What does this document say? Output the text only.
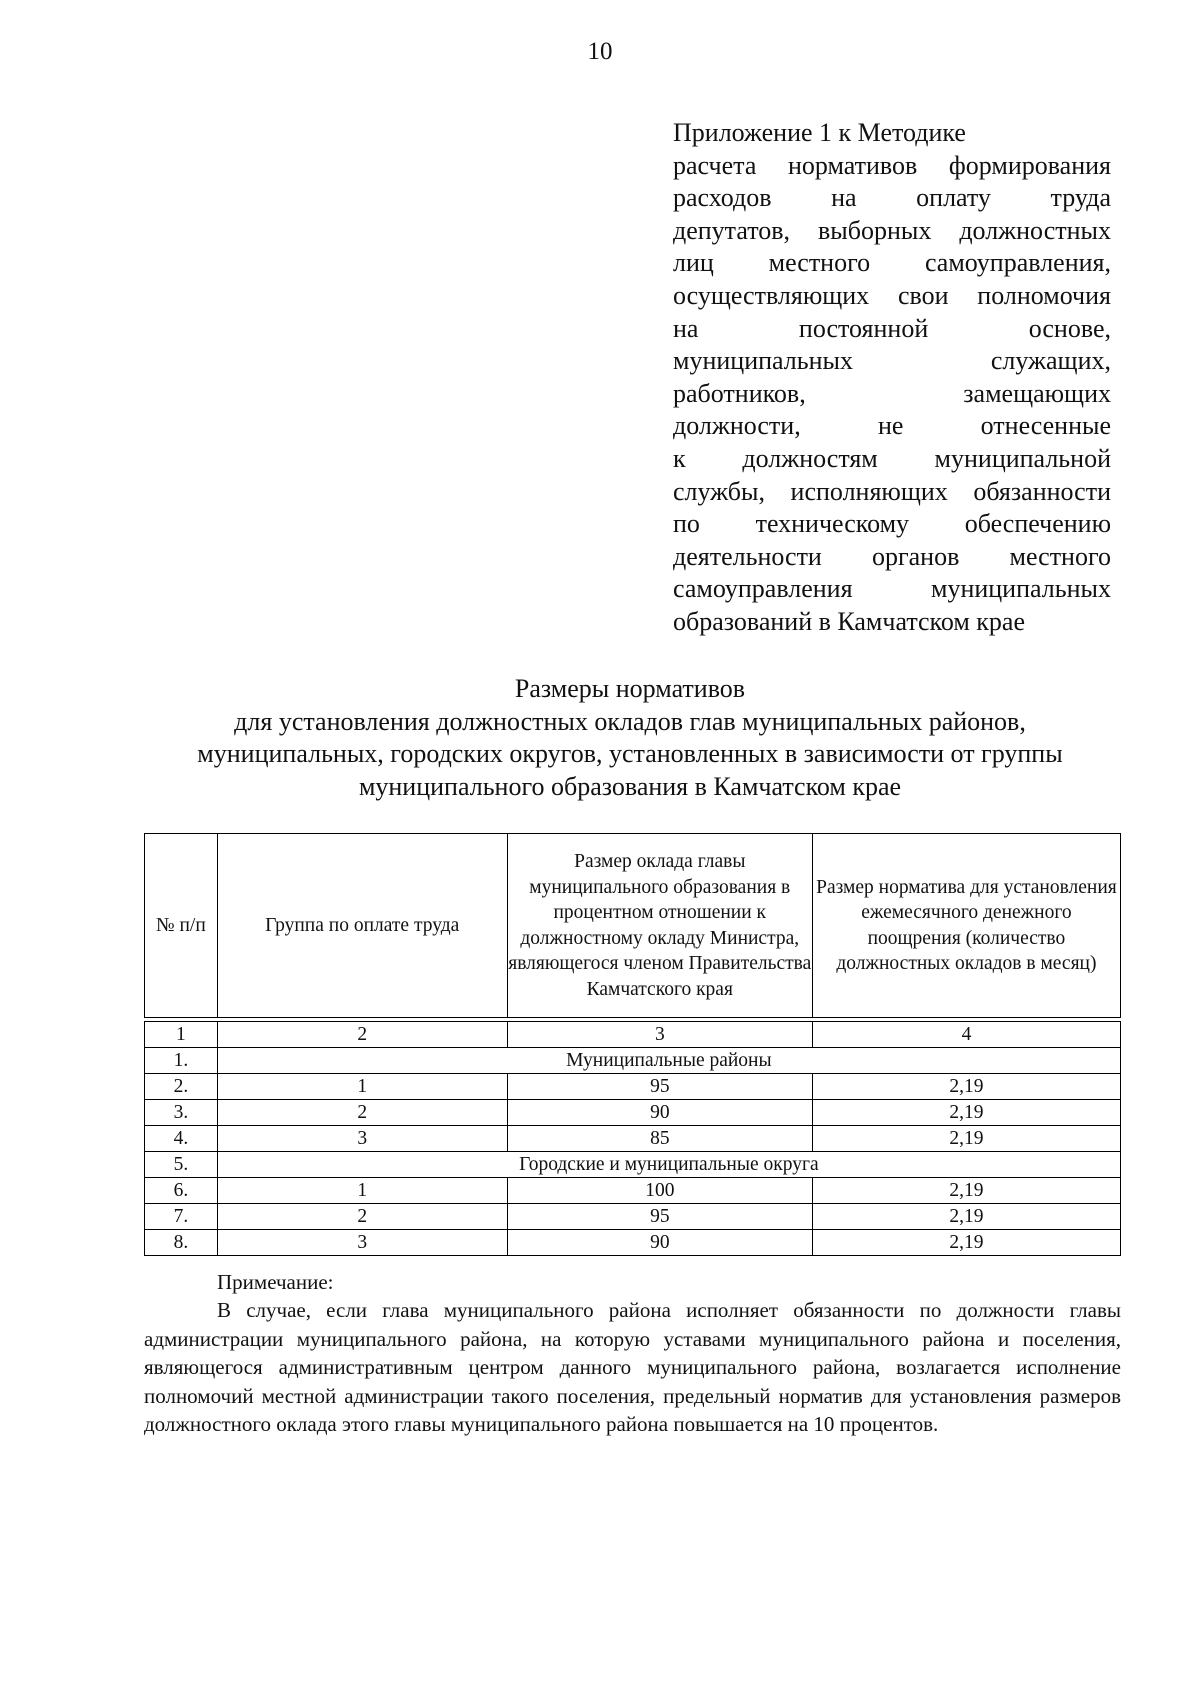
10
Приложение 1 к Методике
расчета нормативов формирования
расходов на оплату труда
депутатов, выборных должностных
лиц местного самоуправления,
осуществляющих свои полномочия
на постоянной основе,
муниципальных служащих,
работников, замещающих
должности, не отнесенные
к должностям муниципальной
службы, исполняющих обязанности
по техническому обеспечению
деятельности органов местного
самоуправления муниципальных
образований в Камчатском крае
Размеры нормативов
для установления должностных окладов глав муниципальных районов,
муниципальных, городских округов, установленных в зависимости от группы
муниципального образования в Камчатском крае
№ п/п	Группа по оплате труда	Размер оклада главы муниципального образования в процентном отношении к должностному окладу Министра, являющегося членом Правительства Камчатского края	Размер норматива для установления ежемесячного денежного поощрения (количество должностных окладов в месяц)
1	2	3	4
1.	Муниципальные районы		
2.	1	95	2,19
3.	2	90	2,19
4.	3	85	2,19
5.	Городские и муниципальные округа		
6.	1	100	2,19
7.	2	95	2,19
8.	3	90	2,19
Примечание:

В случае, если глава муниципального района исполняет обязанности по должности главы администрации муниципального района, на которую уставами муниципального района и поселения, являющегося административным центром данного муниципального района, возлагается исполнение полномочий местной администрации такого поселения, предельный норматив для установления размеров должностного оклада этого главы муниципального района повышается на 10 процентов.
